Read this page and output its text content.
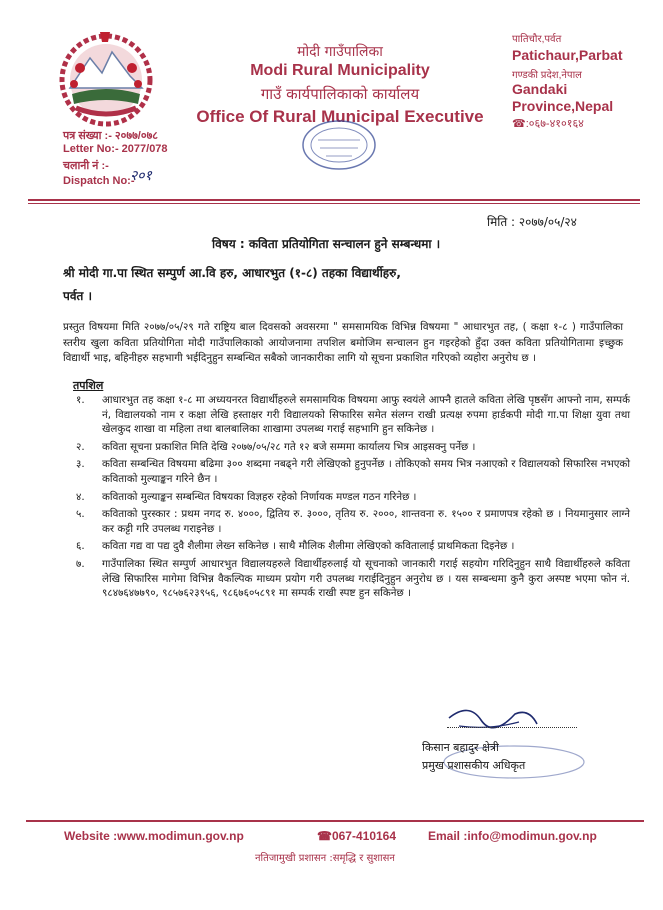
मोदी गाउँपालिका
Modi Rural Municipality
गाउँ कार्यपालिकाको कार्यालय
Office Of Rural Municipal Executive
पातिचौर,पर्वत
Patichaur,Parbat
गण्डकी प्रदेश,नेपाल
Gandaki
Province,Nepal
☎:०६७-४१०१६४
पत्र संख्या :- २०७७/०७८
Letter No:- 2077/078
चलानी नं :-
२०१
Dispatch No:-
मिति : २०७७/०५/२४
विषय : कविता प्रतियोगिता सन्चालन हुने सम्बन्धमा ।
श्री मोदी गा.पा स्थित सम्पुर्ण आ.वि हरु, आधारभुत (१-८) तहका विद्यार्थीहरु,
पर्वत ।
प्रस्तुत विषयमा मिति २०७७/०५/२९ गते राष्ट्रिय बाल दिवसको अवसरमा " समसामयिक विभिन्न विषयमा " आधारभुत तह, ( कक्षा १-८ ) गाउँपालिका स्तरीय खुला कविता प्रतियोगिता मोदी गाउँपालिकाको आयोजनामा तपशिल बमोजिम सन्चालन हुन गइरहेको हुँदा उक्त कविता प्रतियोगितामा इच्छुक विद्यार्थी भाइ, बहिनीहरु सहभागी भईदिनुहुन सम्बन्धित सबैको जानकारीका लागि यो सूचना प्रकाशित गरिएको व्यहोरा अनुरोध छ ।
तपशिल
१. आधारभुत तह कक्षा १-८ मा अध्ययनरत विद्यार्थीहरुले समसामयिक विषयमा आफु स्वयंले आफ्नै हातले कविता लेखि पृष्ठसँग आफ्नो नाम, सम्पर्क नं, विद्यालयको नाम र कक्षा लेखि हस्ताक्षर गरी विद्यालयको सिफारिस समेत संलग्न राखी प्रत्यक्ष रुपमा हार्डकपी मोदी गा.पा शिक्षा युवा तथा खेलकुद शाखा वा महिला तथा बालबालिका शाखामा उपलब्ध गराई सहभागि हुन सकिनेछ ।
२. कविता सूचना प्रकाशित मिति देखि २०७७/०५/२८ गते १२ बजे सम्ममा कार्यालय भित्र आइसक्नु पर्नेछ ।
३. कविता सम्बन्धित विषयमा बढिमा ३०० शब्दमा नबढ्ने गरी लेखिएको हुनुपर्नेछ । तोकिएको समय भित्र नआएको र विद्यालयको सिफारिस नभएको कविताको मुल्याङ्कन गरिने छैन ।
४. कविताको मुल्याङ्कन सम्बन्धित विषयका विज्ञहरु रहेको निर्णायक मण्डल गठन गरिनेछ ।
५. कविताको पुरस्कार : प्रथम नगद रु. ४०००, द्वितिय रु. ३०००, तृतिय रु. २०००, शान्तवना रु. १५०० र प्रमाणपत्र रहेको छ । नियमानुसार लाग्ने कर कट्टी गरि उपलब्ध गराइनेछ ।
६. कविता गद्य वा पद्य दुवै शैलीमा लेख्न सकिनेछ । साथै मौलिक शैलीमा लेखिएको कवितालाई प्राथमिकता दिइनेछ ।
७. गाउँपालिका स्थित सम्पुर्ण आधारभुत विद्यालयहरुले विद्यार्थीहरुलाई यो सूचनाको जानकारी गराई सहयोग गरिदिनुहुन साथै विद्यार्थीहरुले कविता लेखि सिफारिस मागेमा विभिन्न वैकल्पिक माध्यम प्रयोग गरी उपलब्ध गराईदिनुहुन अनुरोध छ । यस सम्बन्धमा कुनै कुरा अस्पष्ट भएमा फोन नं. ९८४७६४७७९०, ९८५७६२३९५६, ९८६७६०५८९१ मा सम्पर्क राखी स्पष्ट हुन सकिनेछ ।
किसान बहादुर क्षेत्री
प्रमुख प्रशासकीय अधिकृत
Website :www.modimun.gov.np	☎067-410164	Email :info@modimun.gov.np
नतिजामुखी प्रशासन :समृद्धि र सुशासन
